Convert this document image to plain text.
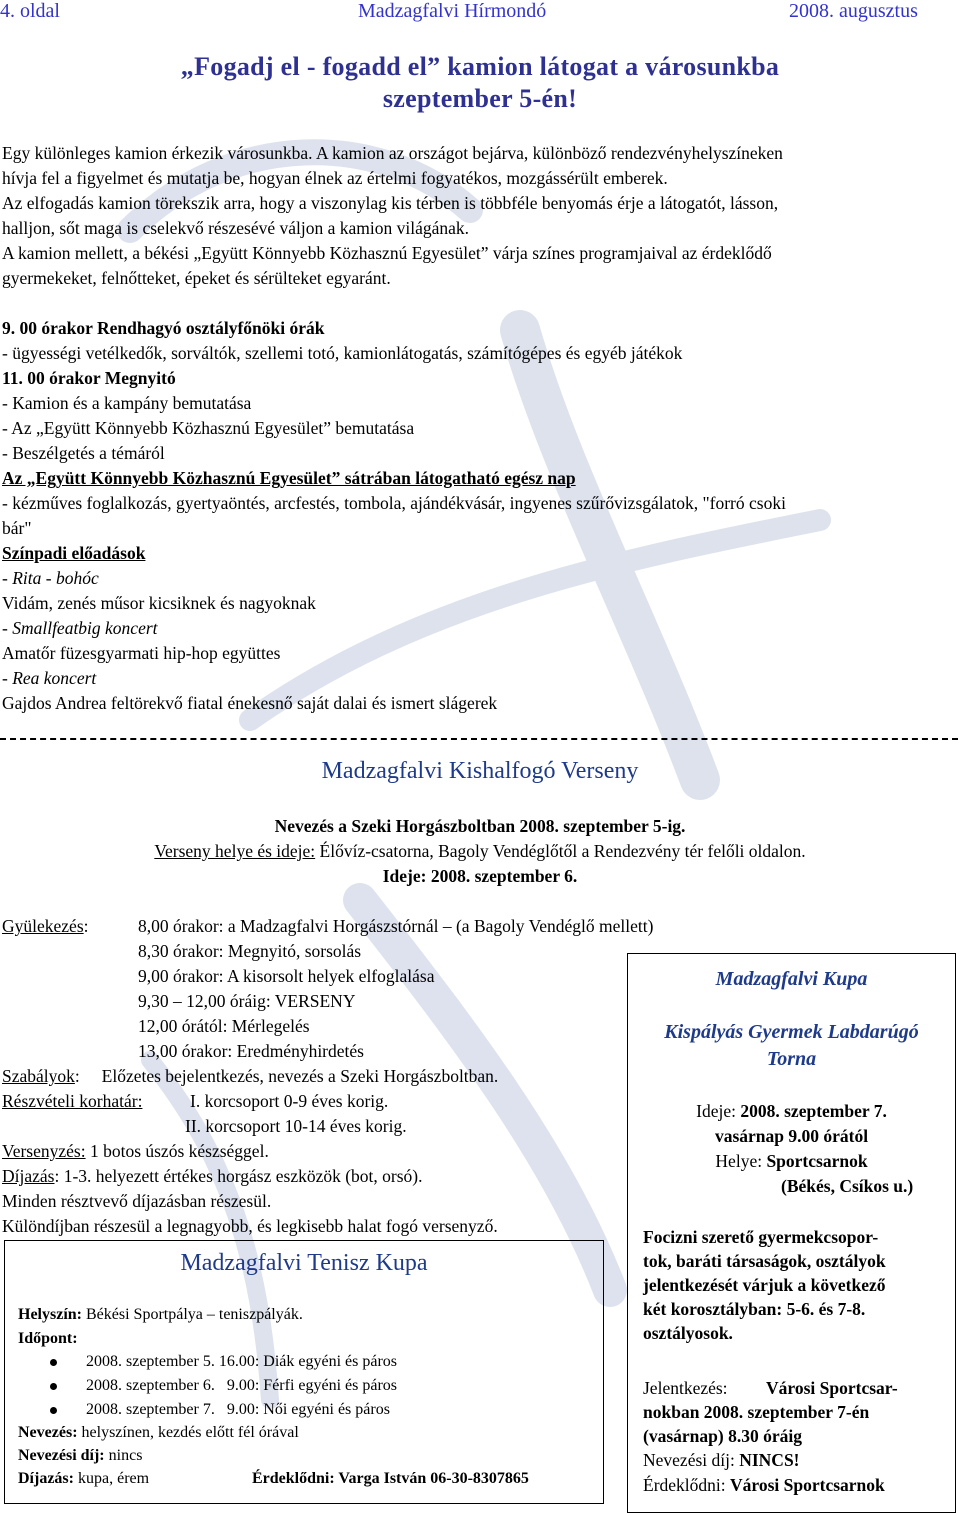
4. oldal	Madzagfalvi Hírmondó	2008. augusztus
„Fogadj el - fogadd el” kamion látogat a városunkba
szeptember 5-én!
Egy különleges kamion érkezik városunkba. A kamion az országot bejárva, különböző rendezvényhelyszíneken
hívja fel a figyelmet és mutatja be, hogyan élnek az értelmi fogyatékos, mozgássérült emberek.
Az elfogadás kamion törekszik arra, hogy a viszonylag kis térben is többféle benyomás érje a látogatót, lásson,
halljon, sőt maga is cselekvő részesévé váljon a kamion világának.
A kamion mellett, a békési „Együtt Könnyebb Közhasznú Egyesület” várja színes programjaival az érdeklődő
gyermekeket, felnőtteket, épeket és sérülteket egyaránt.
9. 00 órakor Rendhagyó osztályfőnöki órák
- ügyességi vetélkedők, sorváltók, szellemi totó, kamionlátogatás, számítógépes és egyéb játékok
11. 00 órakor Megnyitó
- Kamion és a kampány bemutatása
- Az „Együtt Könnyebb Közhasznú Egyesület” bemutatása
- Beszélgetés a témáról
Az „Együtt Könnyebb Közhasznú Egyesület” sátrában látogatható egész nap
- kézműves foglalkozás, gyertyaöntés, arcfestés, tombola, ajándékvásár, ingyenes szűrővizsgálatok, "forró csoki
bár"
Színpadi előadások
- Rita - bohóc
Vidám, zenés műsor kicsiknek és nagyoknak
- Smallfeatbig koncert
Amatőr füzesgyarmati hip-hop együttes
- Rea koncert
Gajdos Andrea feltörekvő fiatal énekesnő saját dalai és ismert slágerek
Madzagfalvi Kishalfogó Verseny
Nevezés a Szeki Horgászboltban 2008. szeptember 5-ig.
Verseny helye és ideje: Élővíz-csatorna, Bagoly Vendéglőtől a Rendezvény tér felőli oldalon.
Ideje: 2008. szeptember 6.
Gyülekezés:	8,00 órakor: a Madzagfalvi Horgászstórnál – (a Bagoly Vendéglő mellett)
8,30 órakor: Megnyitó, sorsolás
9,00 órakor: A kisorsolt helyek elfoglalása
9,30 – 12,00 óráig: VERSENY
12,00 órától: Mérlegelés
13,00 órakor: Eredményhirdetés
Szabályok:     Előzetes bejelentkezés, nevezés a Szeki Horgászboltban.
Részvételi korhatár:	I. korcsoport 0-9 éves korig.
II. korcsoport 10-14 éves korig.
Versenyzés: 1 botos úszós készséggel.
Díjazás: 1-3. helyezett értékes horgász eszközök (bot, orsó).
Minden résztvevő díjazásban részesül.
Különdíjban részesül a legnagyobb, és legkisebb halat fogó versenyző.
Madzagfalvi Tenisz Kupa
Helyszín: Békési Sportpálya – teniszpályák.
Időpont:
2008. szeptember 5. 16.00: Diák egyéni és páros
2008. szeptember 6.   9.00: Férfi egyéni és páros
2008. szeptember 7.   9.00: Női egyéni és páros
Nevezés: helyszínen, kezdés előtt fél órával
Nevezési díj: nincs
Díjazás: kupa, érem	Érdeklődni: Varga István 06-30-8307865
Madzagfalvi Kupa
Kispályás Gyermek Labdarúgó
Torna
Ideje: 2008. szeptember 7.
vasárnap 9.00 órától
Helye: Sportcsarnok
(Békés, Csíkos u.)
Focizni szerető gyermekcsopor-
tok, baráti társaságok, osztályok
jelentkezését várjuk a következő
két korosztályban: 5-6. és 7-8.
osztályosok.
Jelentkezés: Városi Sportcsar-
nokban 2008. szeptember 7-én
(vasárnap) 8.30 óráig
Nevezési díj: NINCS!
Érdeklődni: Városi Sportcsarnok
